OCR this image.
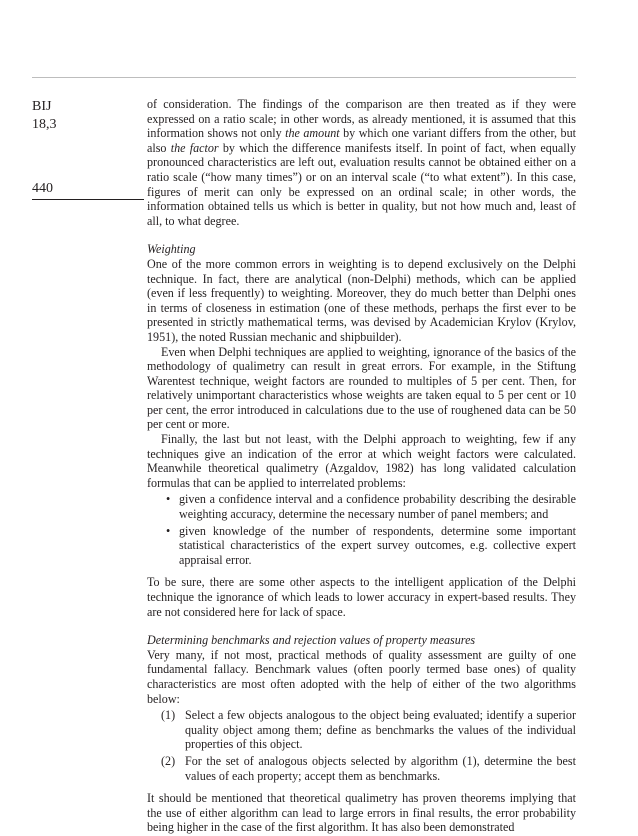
BIJ

18,3

440

of consideration. The findings of the comparison are then treated as if they were expressed on a ratio scale; in other words, as already mentioned, it is assumed that this information shows not only the amount by which one variant differs from the other, but also the factor by which the difference manifests itself. In point of fact, when equally pronounced characteristics are left out, evaluation results cannot be obtained either on a ratio scale (“how many times”) or on an interval scale (“to what extent”). In this case, figures of merit can only be expressed on an ordinal scale; in other words, the information obtained tells us which is better in quality, but not how much and, least of all, to what degree.

Weighting

One of the more common errors in weighting is to depend exclusively on the Delphi technique. In fact, there are analytical (non-Delphi) methods, which can be applied (even if less frequently) to weighting. Moreover, they do much better than Delphi ones in terms of closeness in estimation (one of these methods, perhaps the first ever to be presented in strictly mathematical terms, was devised by Academician Krylov (Krylov, 1951), the noted Russian mechanic and shipbuilder).

Even when Delphi techniques are applied to weighting, ignorance of the basics of the methodology of qualimetry can result in great errors. For example, in the Stiftung Warentest technique, weight factors are rounded to multiples of 5 per cent. Then, for relatively unimportant characteristics whose weights are taken equal to 5 per cent or 10 per cent, the error introduced in calculations due to the use of roughened data can be 50 per cent or more.

Finally, the last but not least, with the Delphi approach to weighting, few if any techniques give an indication of the error at which weight factors were calculated. Meanwhile theoretical qualimetry (Azgaldov, 1982) has long validated calculation formulas that can be applied to interrelated problems:

• given a confidence interval and a confidence probability describing the desirable weighting accuracy, determine the necessary number of panel members; and
• given knowledge of the number of respondents, determine some important statistical characteristics of the expert survey outcomes, e.g. collective expert appraisal error.

To be sure, there are some other aspects to the intelligent application of the Delphi technique the ignorance of which leads to lower accuracy in expert-based results. They are not considered here for lack of space.

Determining benchmarks and rejection values of property measures

Very many, if not most, practical methods of quality assessment are guilty of one fundamental fallacy. Benchmark values (often poorly termed base ones) of quality characteristics are most often adopted with the help of either of the two algorithms below:

(1) Select a few objects analogous to the object being evaluated; identify a superior quality object among them; define as benchmarks the values of the individual properties of this object.
(2) For the set of analogous objects selected by algorithm (1), determine the best values of each property; accept them as benchmarks.

It should be mentioned that theoretical qualimetry has proven theorems implying that the use of either algorithm can lead to large errors in final results, the error probability being higher in the case of the first algorithm. It has also been demonstrated
